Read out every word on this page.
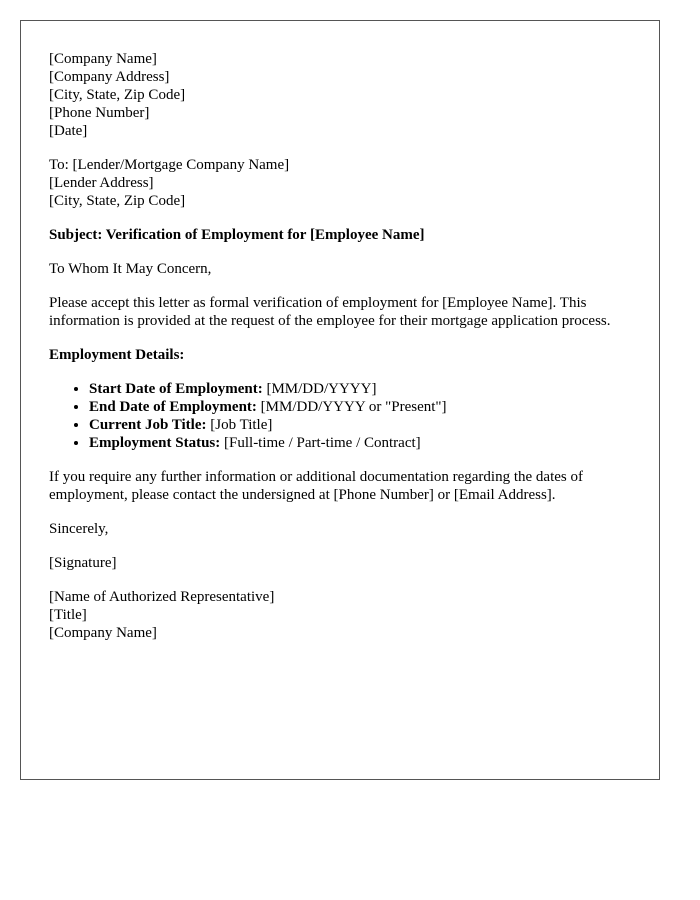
[Company Name]
[Company Address]
[City, State, Zip Code]
[Phone Number]
[Date]
To: [Lender/Mortgage Company Name]
[Lender Address]
[City, State, Zip Code]

Subject: Verification of Employment for [Employee Name]

To Whom It May Concern,

Please accept this letter as formal verification of employment for [Employee Name]. This information is provided at the request of the employee for their mortgage application process.

Employment Details:

• Start Date of Employment: [MM/DD/YYYY]
• End Date of Employment: [MM/DD/YYYY or "Present"]
• Current Job Title: [Job Title]
• Employment Status: [Full-time / Part-time / Contract]

If you require any further information or additional documentation regarding the dates of employment, please contact the undersigned at [Phone Number] or [Email Address].

Sincerely,

[Signature]

[Name of Authorized Representative]
[Title]
[Company Name]
